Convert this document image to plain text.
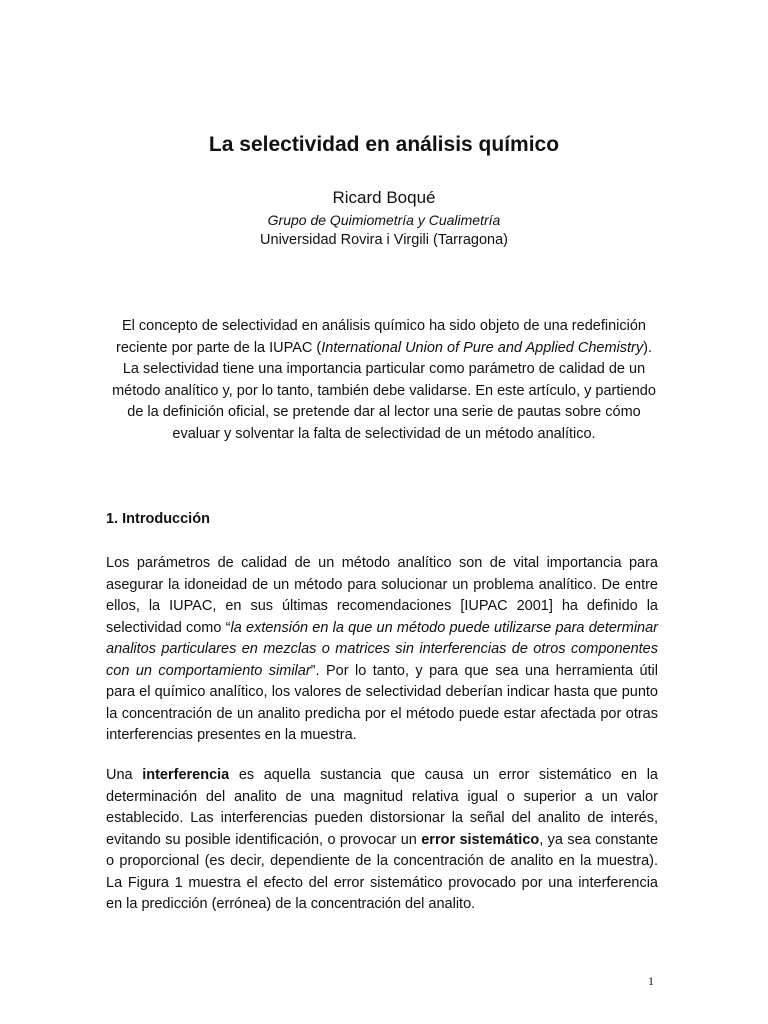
La selectividad en análisis químico
Ricard Boqué
Grupo de Quimiometría y Cualimetría
Universidad Rovira i Virgili (Tarragona)

El concepto de selectividad en análisis químico ha sido objeto de una redefinición reciente por parte de la IUPAC (International Union of Pure and Applied Chemistry). La selectividad tiene una importancia particular como parámetro de calidad de un método analítico y, por lo tanto, también debe validarse. En este artículo, y partiendo de la definición oficial, se pretende dar al lector una serie de pautas sobre cómo evaluar y solventar la falta de selectividad de un método analítico.

1. Introducción

Los parámetros de calidad de un método analítico son de vital importancia para asegurar la idoneidad de un método para solucionar un problema analítico. De entre ellos, la IUPAC, en sus últimas recomendaciones [IUPAC 2001] ha definido la selectividad como “la extensión en la que un método puede utilizarse para determinar analitos particulares en mezclas o matrices sin interferencias de otros componentes con un comportamiento similar”. Por lo tanto, y para que sea una herramienta útil para el químico analítico, los valores de selectividad deberían indicar hasta que punto la concentración de un analito predicha por el método puede estar afectada por otras interferencias presentes en la muestra.

Una interferencia es aquella sustancia que causa un error sistemático en la determinación del analito de una magnitud relativa igual o superior a un valor establecido. Las interferencias pueden distorsionar la señal del analito de interés, evitando su posible identificación, o provocar un error sistemático, ya sea constante o proporcional (es decir, dependiente de la concentración de analito en la muestra). La Figura 1 muestra el efecto del error sistemático provocado por una interferencia en la predicción (errónea) de la concentración del analito.

1
